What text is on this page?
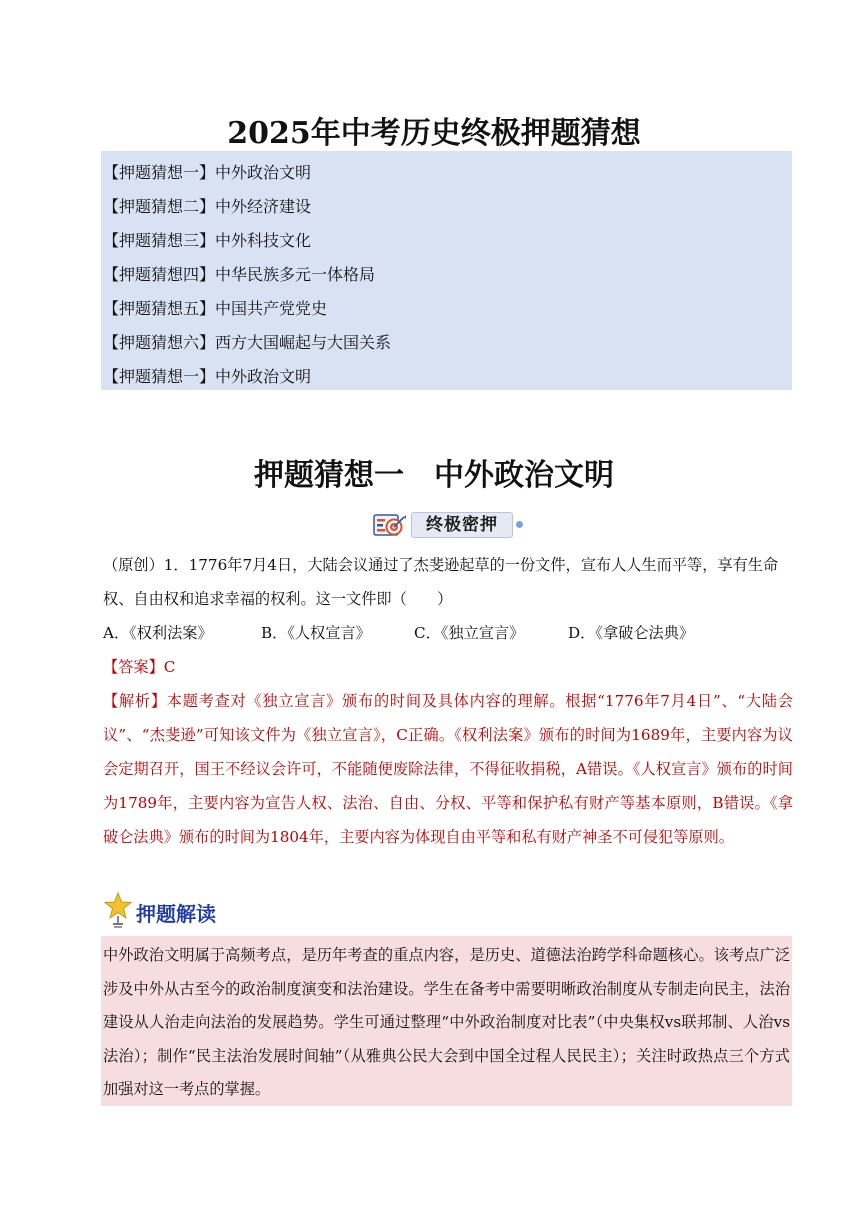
2025年中考历史终极押题猜想
【押题猜想一】中外政治文明
【押题猜想二】中外经济建设
【押题猜想三】中外科技文化
【押题猜想四】中华民族多元一体格局
【押题猜想五】中国共产党党史
【押题猜想六】西方大国崛起与大国关系
【押题猜想一】中外政治文明
押题猜想一　中外政治文明
终极密押

（原创）1．1776年7月4日，大陆会议通过了杰斐逊起草的一份文件，宣布人人生而平等，享有生命权、自由权和追求幸福的权利。这一文件即（　　）

A．《权利法案》	B．《人权宣言》	C．《独立宣言》	D．《拿破仑法典》

【答案】C

【解析】本题考查对《独立宣言》颁布的时间及具体内容的理解。根据“1776年7月4日”、“大陆会议”、“杰斐逊”可知该文件为《独立宣言》，C正确。《权利法案》颁布的时间为1689年，主要内容为议会定期召开，国王不经议会许可，不能随便废除法律，不得征收捐税，A错误。《人权宣言》颁布的时间为1789年，主要内容为宣告人权、法治、自由、分权、平等和保护私有财产等基本原则，B错误。《拿破仑法典》颁布的时间为1804年，主要内容为体现自由平等和私有财产神圣不可侵犯等原则。

押题解读
中外政治文明属于高频考点，是历年考查的重点内容，是历史、道德法治跨学科命题核心。该考点广泛涉及中外从古至今的政治制度演变和法治建设。学生在备考中需要明晰政治制度从专制走向民主，法治建设从人治走向法治的发展趋势。学生可通过整理“中外政治制度对比表”（中央集权vs联邦制、人治vs法治）；制作“民主法治发展时间轴”（从雅典公民大会到中国全过程人民民主）；关注时政热点三个方式加强对这一考点的掌握。
